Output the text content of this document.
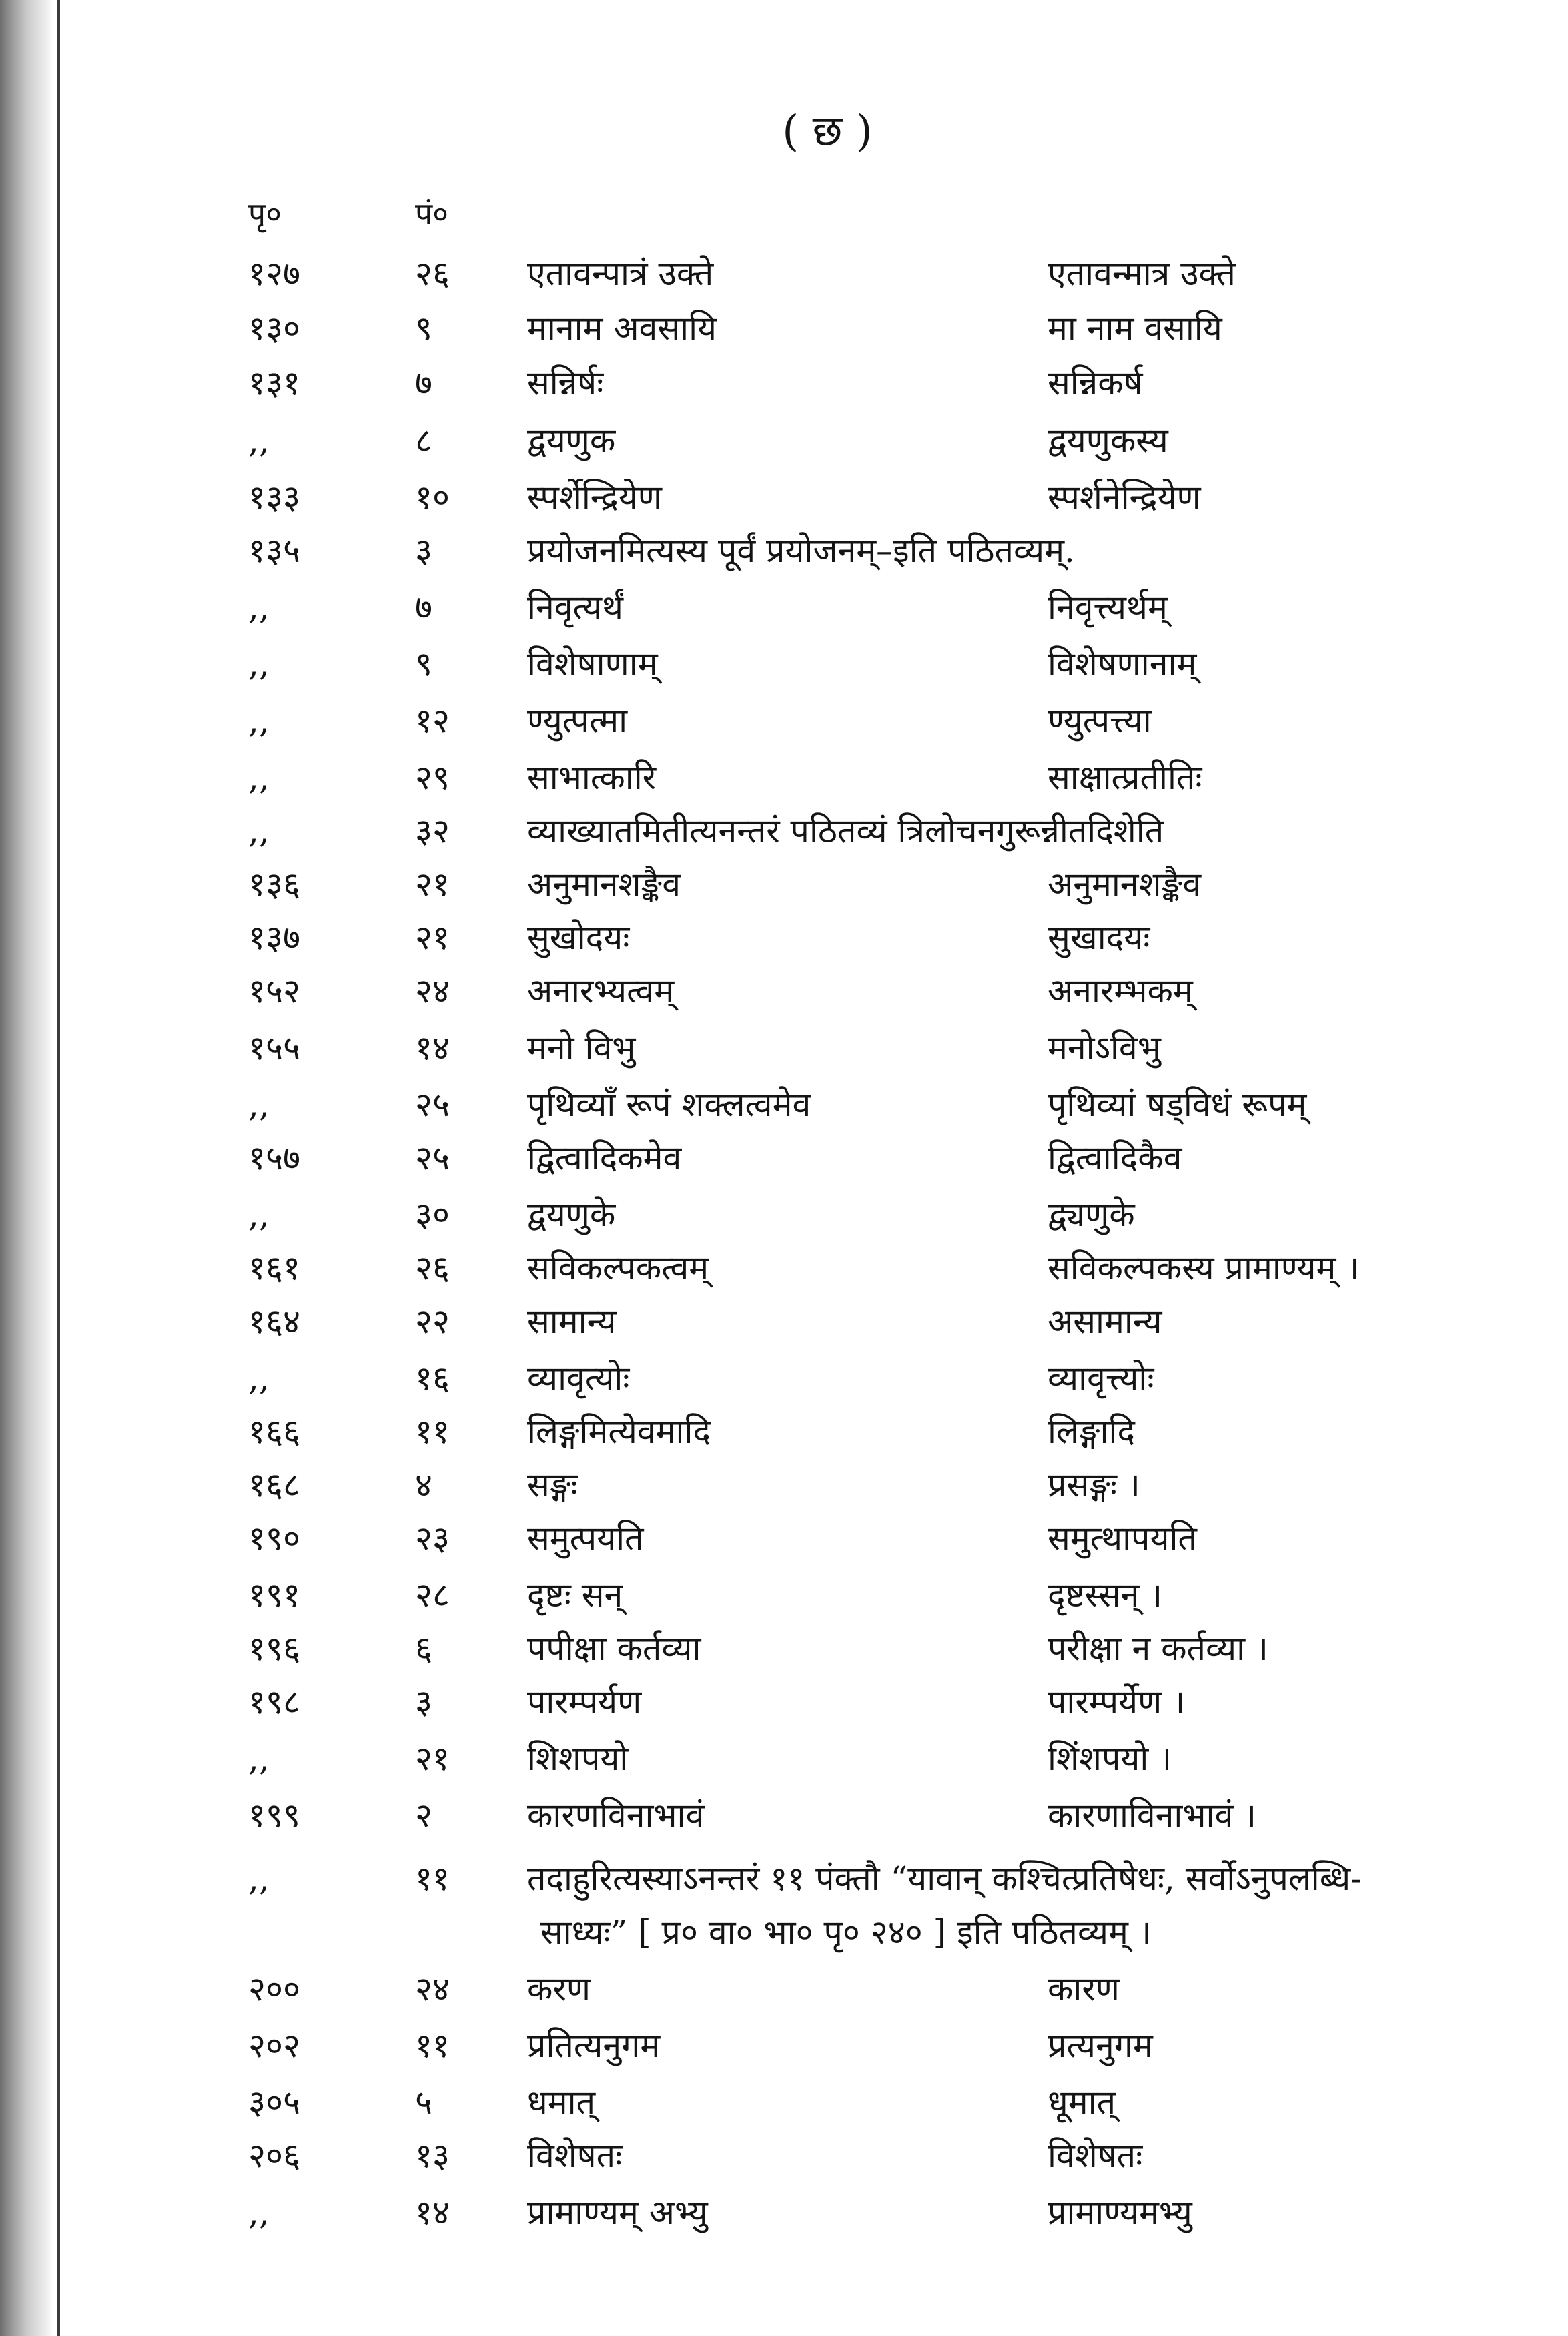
( छ )
पृ०	पं०
१२७	२६ एतावन्पात्रं उक्ते	एतावन्मात्र उक्ते
१३०	९	मानाम अवसायि	मा नाम वसायि
१३१	७	सन्निर्षः	सन्निकर्ष
,,	८	द्वयणुक	द्वयणुकस्य
१३३	१० स्पर्शेन्द्रियेण	स्पर्शनेन्द्रियेण
१३५	३	प्रयोजनमित्यस्य पूर्वं प्रयोजनम्–इति पठितव्यम्.
,,	७	निवृत्यर्थं	निवृत्त्यर्थम्
,,	९	विशेषाणाम्	विशेषणानाम्
,,	१२ ण्युत्पत्मा	ण्युत्पत्त्या
,,	२९ साभात्कारि	साक्षात्प्रतीतिः
,,	३२ व्याख्यातमितीत्यनन्तरं पठितव्यं त्रिलोचनगुरून्नीतदिशेति
१३६	२१ अनुमानशङ्कैव	अनुमानशङ्कैव
१३७	२१ सुखोदयः	सुखादयः
१५२	२४ अनारभ्यत्वम्	अनारम्भकम्
१५५	१४ मनो विभु	मनोऽविभु
,,	२५ पृथिव्याँ रूपं शक्लत्वमेव	पृथिव्यां षड्विधं रूपम्
१५७	२५ द्वित्वादिकमेव	द्वित्वादिकैव
,,	३० द्वयणुके	द्व्यणुके
१६१	२६ सविकल्पकत्वम्	सविकल्पकस्य प्रामाण्यम् ।
१६४	२२ सामान्य	असामान्य
,,	१६ व्यावृत्योः	व्यावृत्त्योः
१६६	११ लिङ्गमित्येवमादि	लिङ्गादि
१६८	४	सङ्गः	प्रसङ्गः ।
१९०	२३ समुत्पयति	समुत्थापयति
१९१	२८ दृष्टः सन्	दृष्टस्सन् ।
१९६	६	पपीक्षा कर्तव्या	परीक्षा न कर्तव्या ।
१९८	३	पारम्पर्यण	पारम्पर्येण ।
,,	२१ शिशपयो	शिंशपयो ।
१९९	२	कारणविनाभावं	कारणाविनाभावं ।
,,	११ तदाहुरित्यस्याऽनन्तरं ११ पंक्तौ “यावान् कश्चित्प्रतिषेधः, सर्वोऽनुपलब्धि-
साध्यः” [ प्र० वा० भा० पृ० २४० ] इति पठितव्यम् ।
२००	२४ करण	कारण
२०२	११ प्रतित्यनुगम	प्रत्यनुगम
३०५	५	धमात्	धूमात्
२०६	१३ विशेषतः	विशेषतः
,,	१४ प्रामाण्यम् अभ्यु	प्रामाण्यमभ्यु
